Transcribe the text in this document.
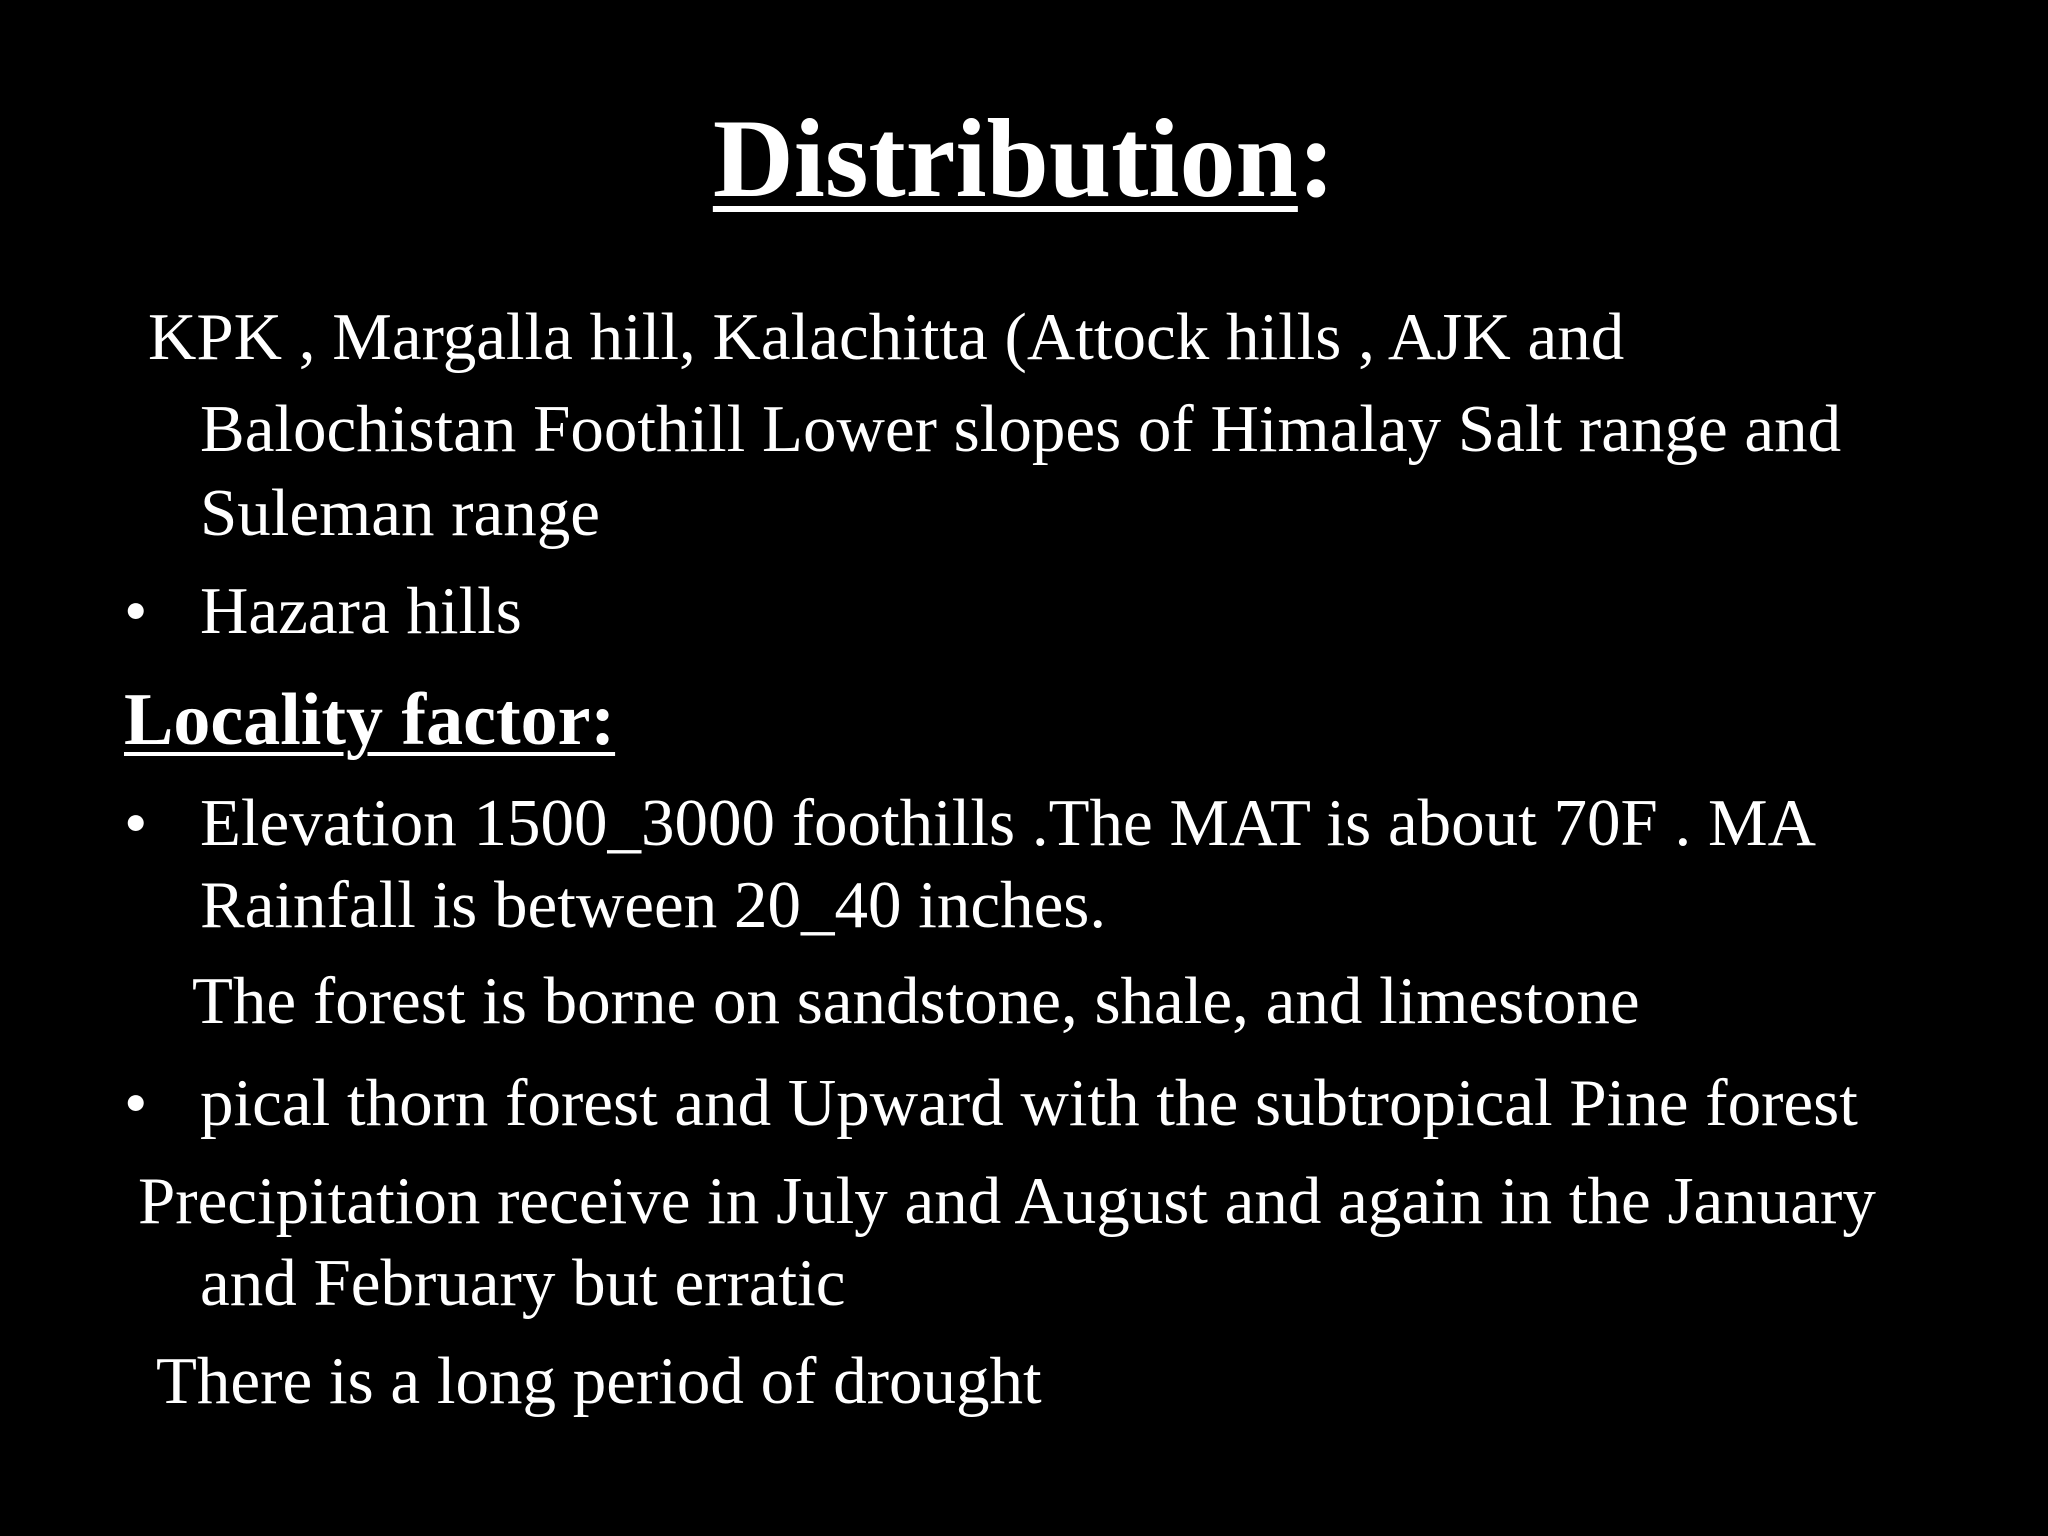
Distribution:
KPK , Margalla hill, Kalachitta (Attock hills , AJK and
Balochistan Foothill Lower slopes of Himalay Salt range and
Suleman range
• Hazara hills
Locality factor:
• Elevation 1500_3000 foothills .The MAT is about 70F . MA
Rainfall is between 20_40 inches.
The forest is borne on sandstone, shale, and limestone
• pical thorn forest and Upward with the subtropical Pine forest
Precipitation receive in July and August and again in the January
and February but erratic
There is a long period of drought
